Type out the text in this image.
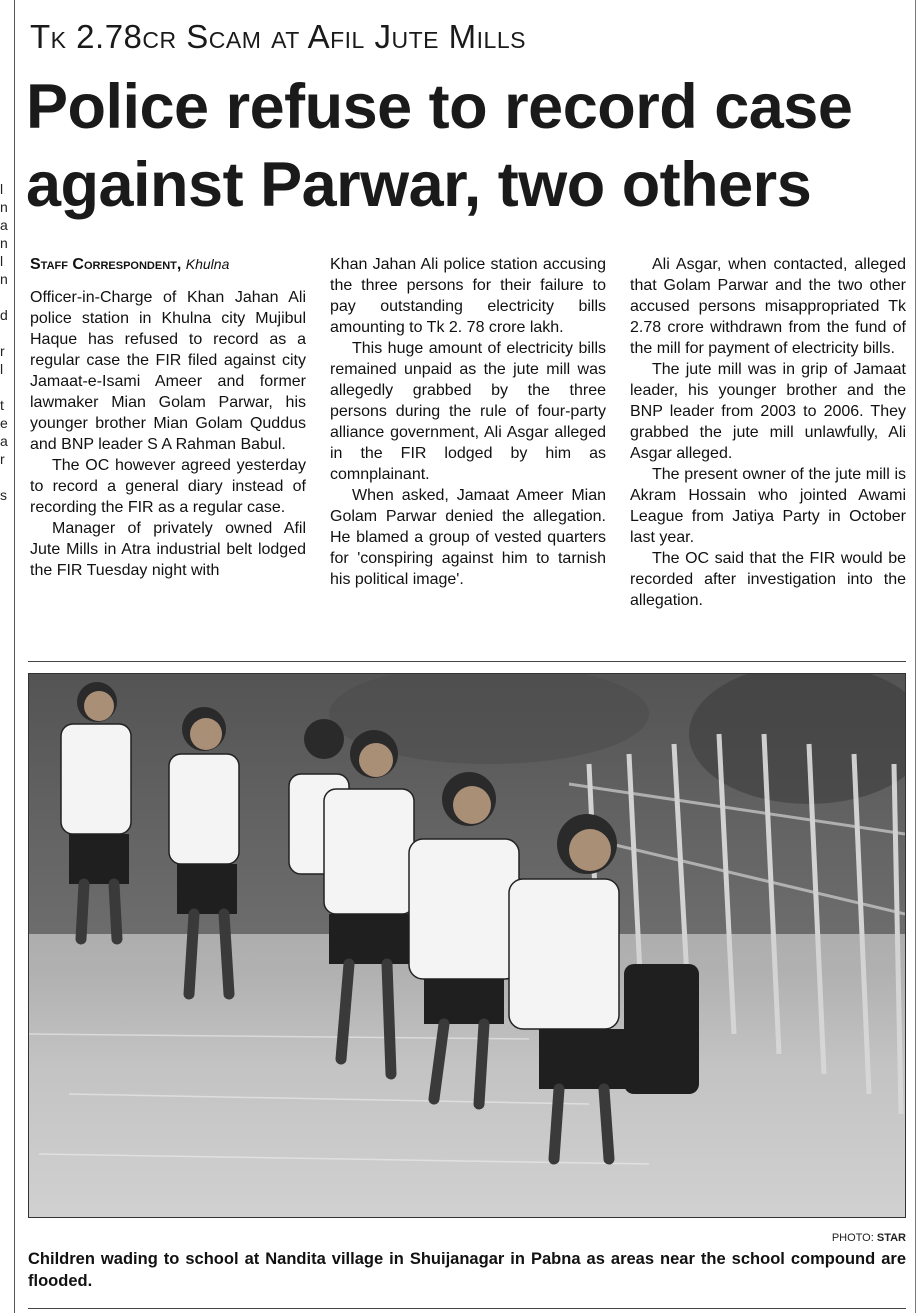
l
n
a
n
l
n
d
r
l
t
e
a
r
s
Tk 2.78cr Scam at Afil Jute Mills
Police refuse to record case
against Parwar, two others
Staff Correspondent, Khulna

Officer-in-Charge of Khan Jahan Ali police station in Khulna city Mujibul Haque has refused to record as a regular case the FIR filed against city Jamaat-e-Isami Ameer and former lawmaker Mian Golam Parwar, his younger brother Mian Golam Quddus and BNP leader S A Rahman Babul.

The OC however agreed yesterday to record a general diary instead of recording the FIR as a regular case.

Manager of privately owned Afil Jute Mills in Atra industrial belt lodged the FIR Tuesday night with

Khan Jahan Ali police station accusing the three persons for their failure to pay outstanding electricity bills amounting to Tk 2. 78 crore lakh.

This huge amount of electricity bills remained unpaid as the jute mill was allegedly grabbed by the three persons during the rule of four-party alliance government, Ali Asgar alleged in the FIR lodged by him as comnplainant.

When asked, Jamaat Ameer Mian Golam Parwar denied the allegation. He blamed a group of vested quarters for 'conspiring against him to tarnish his political image'.

Ali Asgar, when contacted, alleged that Golam Parwar and the two other accused persons misappropriated Tk 2.78 crore withdrawn from the fund of the mill for payment of electricity bills.

The jute mill was in grip of Jamaat leader, his younger brother and the BNP leader from 2003 to 2006. They grabbed the jute mill unlawfully, Ali Asgar alleged.

The present owner of the jute mill is Akram Hossain who jointed Awami League from Jatiya Party in October last year.

The OC said that the FIR would be recorded after investigation into the allegation.

PHOTO: STAR
Children wading to school at Nandita village in Shuijanagar in Pabna as areas near the school compound are flooded.
